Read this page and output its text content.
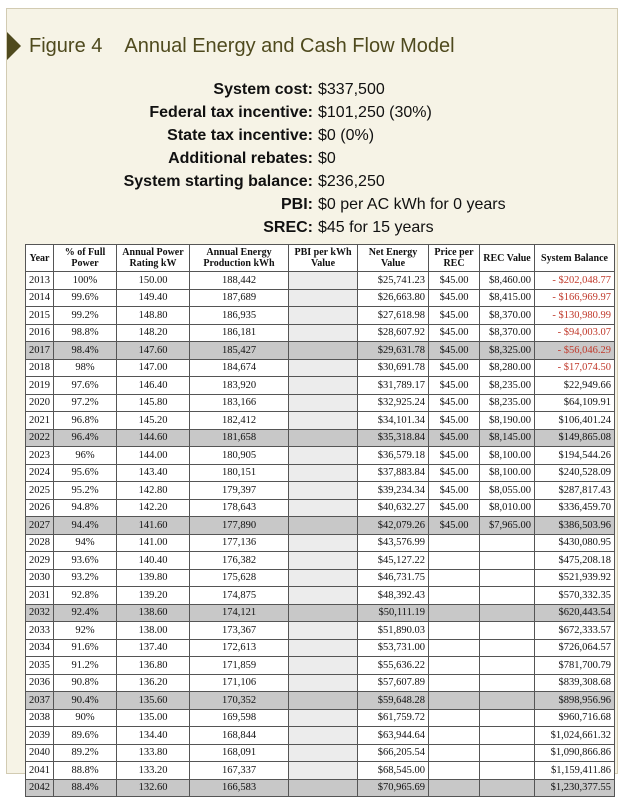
Figure 4 Annual Energy and Cash Flow Model
System cost: $337,500
Federal tax incentive: $101,250 (30%)
State tax incentive: $0 (0%)
Additional rebates: $0
System starting balance: $236,250
PBI: $0 per AC kWh for 0 years
SREC: $45 for 15 years
Year	% of Full Power	Annual Power Rating kW	Annual Energy Production kWh	PBI per kWh Value	Net Energy Value	Price per REC	REC Value	System Balance
2013	100%	150.00	188,442		$25,741.23	$45.00	$8,460.00	- $202,048.77
2014	99.6%	149.40	187,689		$26,663.80	$45.00	$8,415.00	- $166,969.97
2015	99.2%	148.80	186,935		$27,618.98	$45.00	$8,370.00	- $130,980.99
2016	98.8%	148.20	186,181		$28,607.92	$45.00	$8,370.00	- $94,003.07
2017	98.4%	147.60	185,427		$29,631.78	$45.00	$8,325.00	- $56,046.29
2018	98%	147.00	184,674		$30,691.78	$45.00	$8,280.00	- $17,074.50
2019	97.6%	146.40	183,920		$31,789.17	$45.00	$8,235.00	$22,949.66
2020	97.2%	145.80	183,166		$32,925.24	$45.00	$8,235.00	$64,109.91
2021	96.8%	145.20	182,412		$34,101.34	$45.00	$8,190.00	$106,401.24
2022	96.4%	144.60	181,658		$35,318.84	$45.00	$8,145.00	$149,865.08
2023	96%	144.00	180,905		$36,579.18	$45.00	$8,100.00	$194,544.26
2024	95.6%	143.40	180,151		$37,883.84	$45.00	$8,100.00	$240,528.09
2025	95.2%	142.80	179,397		$39,234.34	$45.00	$8,055.00	$287,817.43
2026	94.8%	142.20	178,643		$40,632.27	$45.00	$8,010.00	$336,459.70
2027	94.4%	141.60	177,890		$42,079.26	$45.00	$7,965.00	$386,503.96
2028	94%	141.00	177,136		$43,576.99			$430,080.95
2029	93.6%	140.40	176,382		$45,127.22			$475,208.18
2030	93.2%	139.80	175,628		$46,731.75			$521,939.92
2031	92.8%	139.20	174,875		$48,392.43			$570,332.35
2032	92.4%	138.60	174,121		$50,111.19			$620,443.54
2033	92%	138.00	173,367		$51,890.03			$672,333.57
2034	91.6%	137.40	172,613		$53,731.00			$726,064.57
2035	91.2%	136.80	171,859		$55,636.22			$781,700.79
2036	90.8%	136.20	171,106		$57,607.89			$839,308.68
2037	90.4%	135.60	170,352		$59,648.28			$898,956.96
2038	90%	135.00	169,598		$61,759.72			$960,716.68
2039	89.6%	134.40	168,844		$63,944.64			$1,024,661.32
2040	89.2%	133.80	168,091		$66,205.54			$1,090,866.86
2041	88.8%	133.20	167,337		$68,545.00			$1,159,411.86
2042	88.4%	132.60	166,583		$70,965.69			$1,230,377.55
